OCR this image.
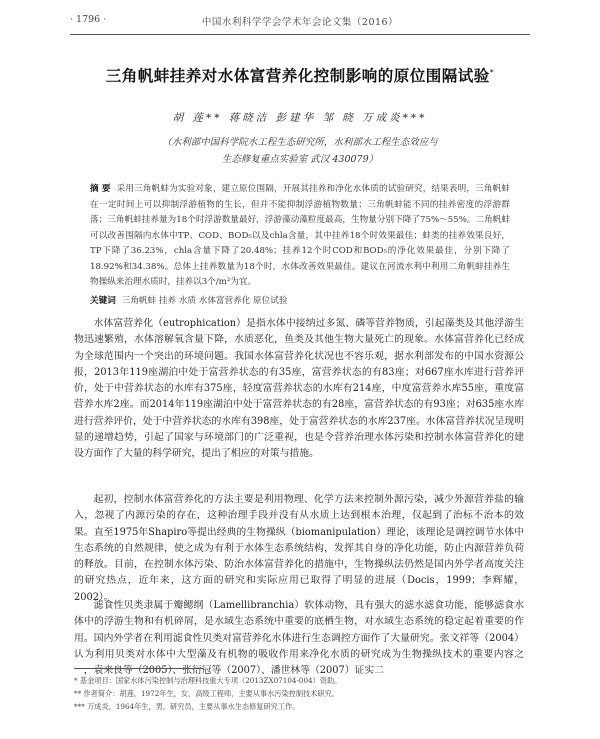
· 1796 ·	中国水利科学学会学术年会论文集（2016）
三角帆蚌挂养对水体富营养化控制影响的原位围隔试验*
胡 莲** 蒋晓洁 彭建华 邹 晓 万成炎***
（水利部中国科学院水工程生态研究所，水利部水工程生态效应与
生态修复重点实验室 武汉 430079）
摘 要 采用三角帆蚌为实验对象，建立原位围隔，开展其挂养和净化水体质的试验研究，结果表明，三角帆蚌在一定时间上可以抑制浮游植物的生长，但并不能抑制浮游植物数量；三角帆蚌能不同的挂养密度的浮游群落；三角帆蚌挂养量为18个时浮游数量最好，浮游藻动藻粒度最高，生物量分别下降了75%～55%。二角帆蚌可以改善围隔内水体中TP、COD、BOD₅以及chla含量，其中挂养18个时效果最佳；蚌类的挂养效果良好，TP下降了36.23%，chla含量下降了20.48%；挂养12个时COD和BOD₅的净化效果最佳，分别下降了18.92%和34.38%。总体上挂养数量为18个时，水体改善效果最佳。建议在河流水利中利用二角帆蚌挂养生物操纵来治理水质时，挂养以3个/m²为宜。
关键词 三角帆蚌 挂养 水质 水体富营养化 原位试验

水体富营养化（eutrophication）是指水体中接纳过多氮、磷等营养物质，引起藻类及其他浮游生物迅速繁殖，水体溶解氧含量下降，水质恶化，鱼类及其他生物大量死亡的现象。水体富营养化已经成为全球范围内一个突出的环境问题。我国水体富营养化状况也不容乐观，据水利部发布的中国水资源公报，2013年119座湖泊中处于富营养状态的有35座，富营养状态的有83座；对667座水库进行营养评价，处于中营养状态的水库有375座，轻度富营养状态的水库有214座，中度富营养水库55座，重度富营养水库2座。而2014年119座湖泊中处于富营养状态的有28座，富营养状态的有93座；对635座水库进行营养评价，处于中营养状态的水库有398座，处于富营养状态的水库237座。水体富营养状况呈现明显的递增趋势，引起了国家与环境部门的广泛重视，也是令营养治理水体污染和控制水体富营养化的建设方面作了大量的科学研究，提出了相应的对策与措施。

起初，控制水体富营养化的方法主要是利用物理、化学方法来控制外源污染，减少外源营养盐的输入，忽视了内源污染的存在，这种治理手段并没有从水质上达到根本治理，仅起到了治标不治本的效果。直至1975年Shapiro等提出经典的生物操纵（biomanipulation）理论，该理论是调控调节水体中生态系统的自然规律，使之成为有利于水体生态系统结构，发挥其自身的净化功能，防止内源营养负荷的释放。目前，在控制水体污染、防治水体富营养化的措施中，生物操纵法仍然是国内外学者高度关注的研究热点，近年来，这方面的研究和实际应用已取得了明显的进展（Docis，1999；李辉耀，2002）。

滤食性贝类隶属于瓣鳃纲（Lamellibranchia）软体动物，具有强大的滤水滤食功能，能够滤食水体中的浮游生物和有机碎屑，是水域生态系统中重要的底栖生物，对水域生态系统的稳定起着重要的作用。国内外学者在利用滤食性贝类对富营养化水体进行生态调控方面作了大量研究。张文祥等（2004）认为利用贝类对水体中大型藻及有机物的吸收作用来净化水质的研究成为生物操纵技术的重要内容之一，袁来良等（2005）、张衍冠等（2007）、潘世林等（2007）证实二

* 基金项目：国家水体污染控制与治理科技重大专项（2013ZX07104-004）资助。
** 作者简介：胡莲，1972年生，女，高级工程师，主要从事水污染控制技术研究。
*** 万成炎，1964年生，男，研究员，主要从事水生态修复研究工作。
